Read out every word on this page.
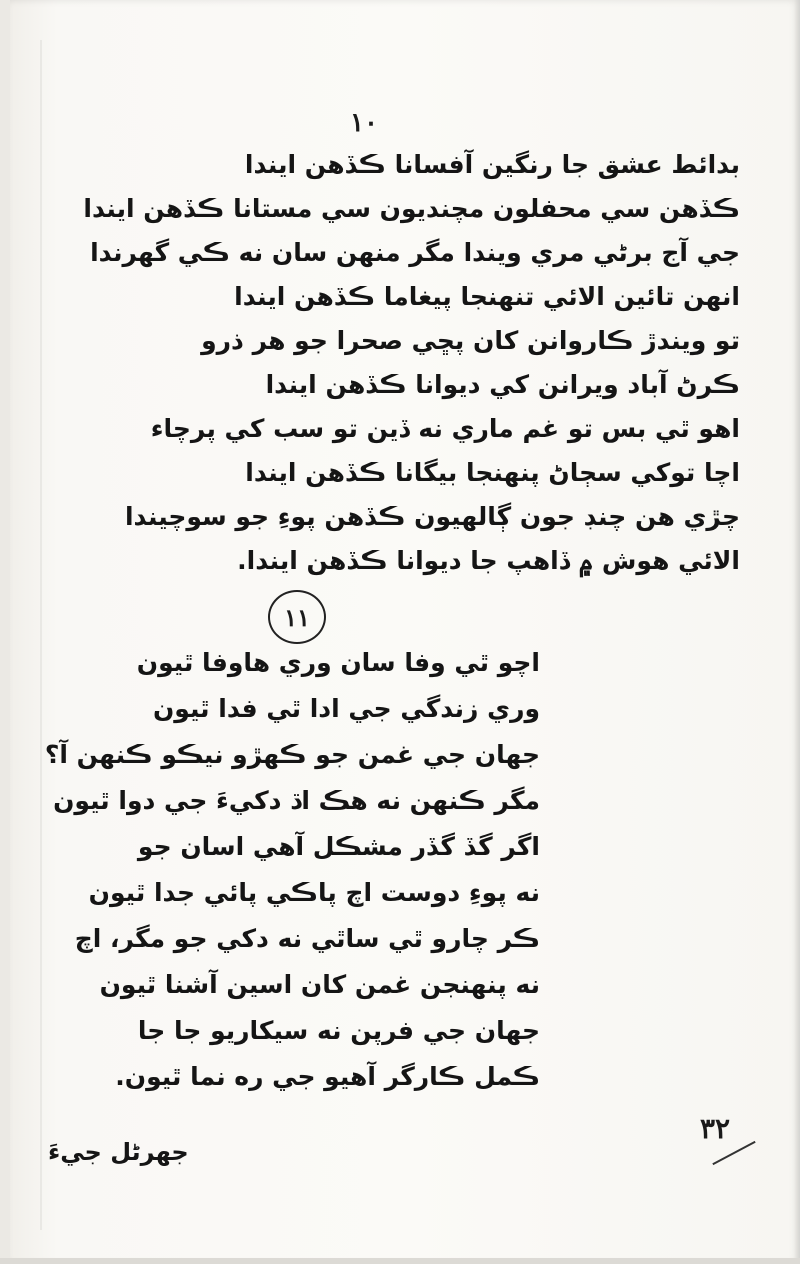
١٠
بدائط عشق جا رنگين آفسانا ڪڏهن ايندا
ڪڏهن سي محفلون مچنديون سي مستانا ڪڏهن ايندا
جي آج برڻي مري ويندا مگر منهن سان نه ڪي گهرندا
انهن تائين الائي تنهنجا پيغاما ڪڏهن ايندا
تو ويندڙ ڪاروانن کان پڇي صحرا جو هر ذرو
ڪرڻ آباد ويرانن کي ديوانا ڪڏهن ايندا
اهو ٿي بس تو غم ماري نه ڏين تو سب کي پرچاء
اچا توکي سڄاڻ پنهنجا بيگانا ڪڏهن ايندا
چڙي هن چنڊ جون ڳالهيون ڪڏهن پوءِ جو سوچيندا
الائي هوش ۾ ڏاهپ جا ديوانا ڪڏهن ايندا.
١١
اچو ٿي وفا سان وري هاوفا ٿيون
وري زندگي جي ادا ٿي فدا ٿيون
جهان جي غمن جو ڪهڙو نيڪو ڪنهن آ؟
مگر ڪنهن نه هڪ اڌ دکيءَ جي دوا ٿيون
اگر گڏ گڏر مشڪل آهي اسان جو
نه پوءِ دوست اچ پاڪي پائي جدا ٿيون
ڪر چارو ٿي ساٿي نه دکي جو مگر، اچ
نه پنهنجن غمن کان اسين آشنا ٿيون
جهان جي فرپن نه سيکاريو جا جا
ڪمل ڪارگر آهيو جي ره نما ٿيون.
٣٢
جهرڻل جيءَ
